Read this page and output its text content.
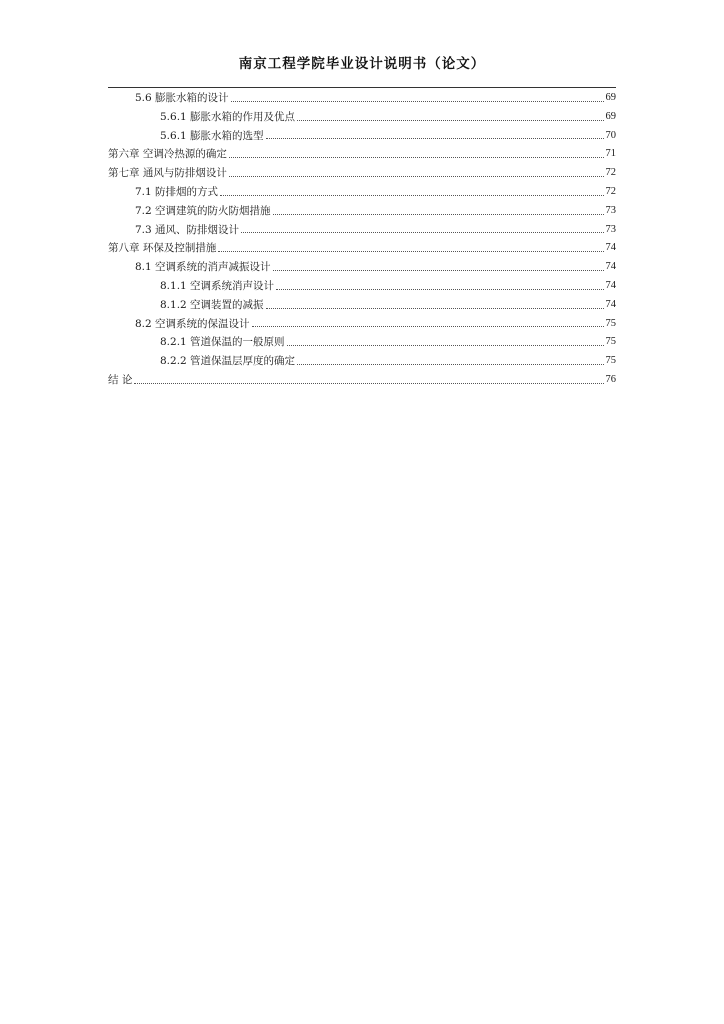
南京工程学院毕业设计说明书（论文）
5.6 膨胀水箱的设计	69
5.6.1 膨胀水箱的作用及优点	69
5.6.1 膨胀水箱的选型	70
第六章 空调冷热源的确定	71
第七章 通风与防排烟设计	72
7.1 防排烟的方式	72
7.2 空调建筑的防火防烟措施	73
7.3 通风、防排烟设计	73
第八章 环保及控制措施	74
8.1 空调系统的消声减振设计	74
8.1.1 空调系统消声设计	74
8.1.2 空调装置的减振	74
8.2 空调系统的保温设计	75
8.2.1 管道保温的一般原则	75
8.2.2 管道保温层厚度的确定	75
结 论	76
